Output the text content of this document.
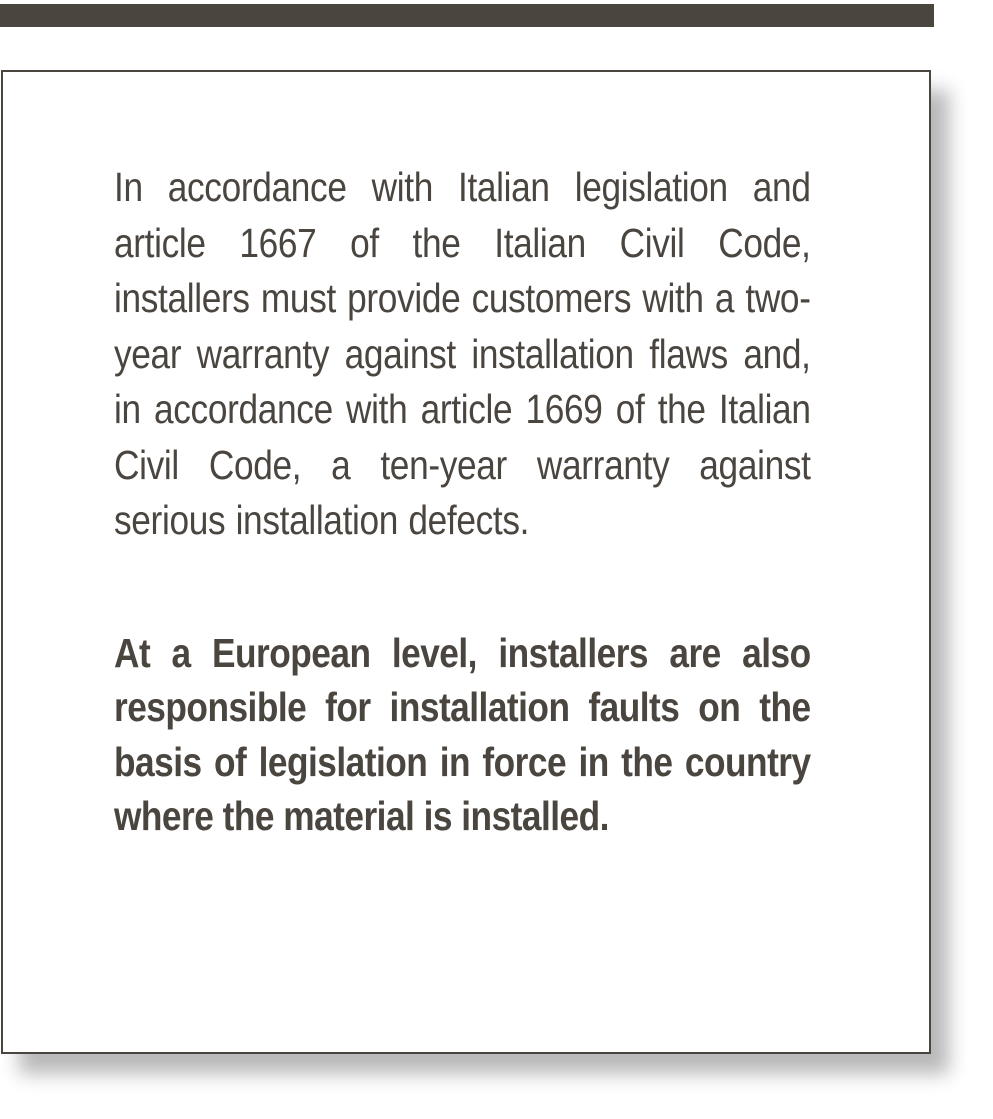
In accordance with Italian legislation and article 1667 of the Italian Civil Code, installers must provide customers with a two-year warranty against installation flaws and, in accordance with article 1669 of the Italian Civil Code, a ten-year warranty against serious installation defects.

At a European level, installers are also responsible for installation faults on the basis of legislation in force in the country where the material is installed.
